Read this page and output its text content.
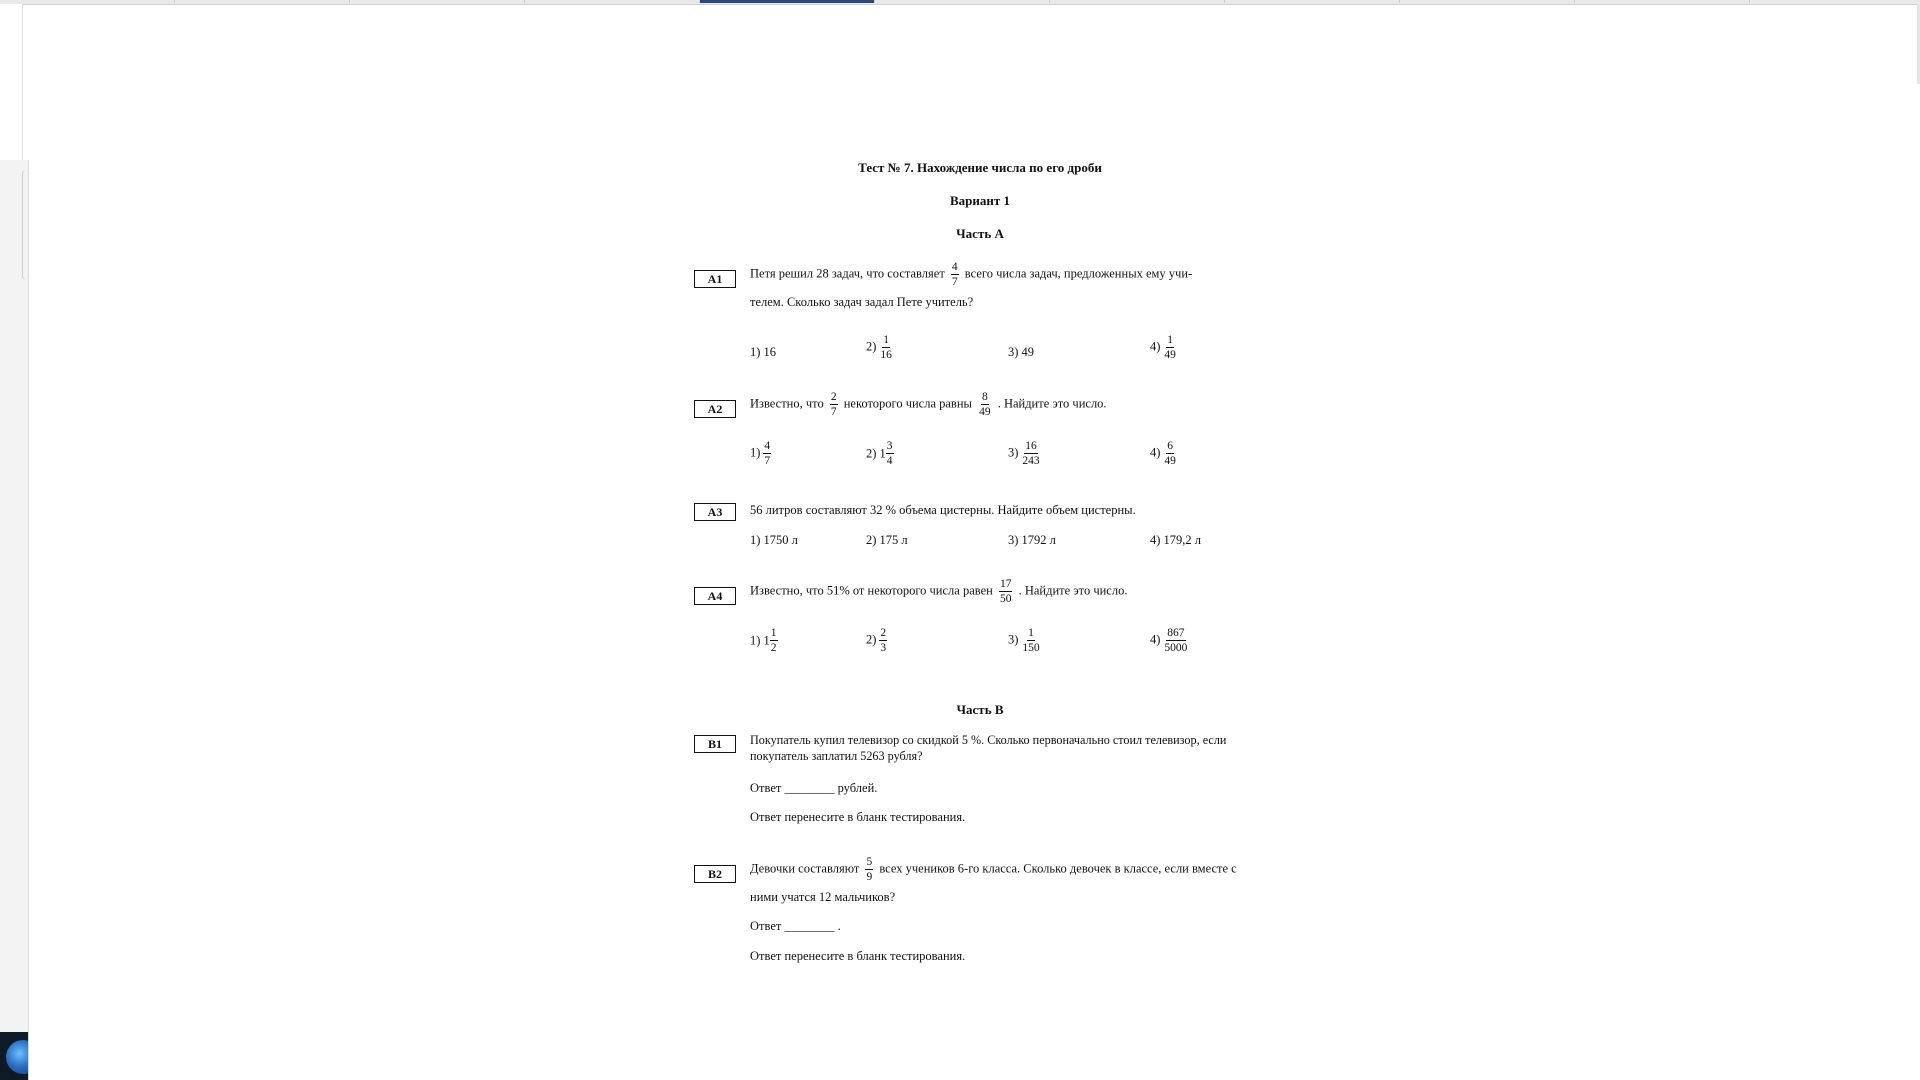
Тест № 7. Нахождение числа по его дроби
Вариант 1
Часть А
А1	Петя решил 28 задач, что составляет $\frac{4}{7}$ всего числа задач, предложенных ему учи-
телем. Сколько задач задал Пете учитель?
1) 16	$2) \frac{1}{16}$	3) 49	$4) \frac{1}{49}$
А2	Известно, что $\frac{2}{7}$ некоторого числа равны $\frac{8}{49}$ . Найдите это число.
$1) \frac{4}{7}$	2) $1 \frac{3}{4}$	$3) \frac{16}{243}$	$4) \frac{6}{49}$
А3	56 литров составляют 32 % объема цистерны. Найдите объем цистерны.
1) 1750 л	2) 175 л	3) 1792 л	4) 179,2 л
А4	Известно, что 51% от некоторого числа равен $\frac{17}{50}$ . Найдите это число.
1) $1 \frac{1}{2}$	$2) \frac{2}{3}$	$3) \frac{1}{150}$	$4) \frac{867}{5000}$
Часть В
В1	Покупатель купил телевизор со скидкой 5 %. Сколько первоначально стоил телевизор, если
покупатель заплатил 5263 рубля?
Ответ ________ рублей.
Ответ перенесите в бланк тестирования.
В2	Девочки составляют $\frac{5}{9}$ всех учеников 6-го класса. Сколько девочек в классе, если вместе с
ними учатся 12 мальчиков?
Ответ ________ .
Ответ перенесите в бланк тестирования.
